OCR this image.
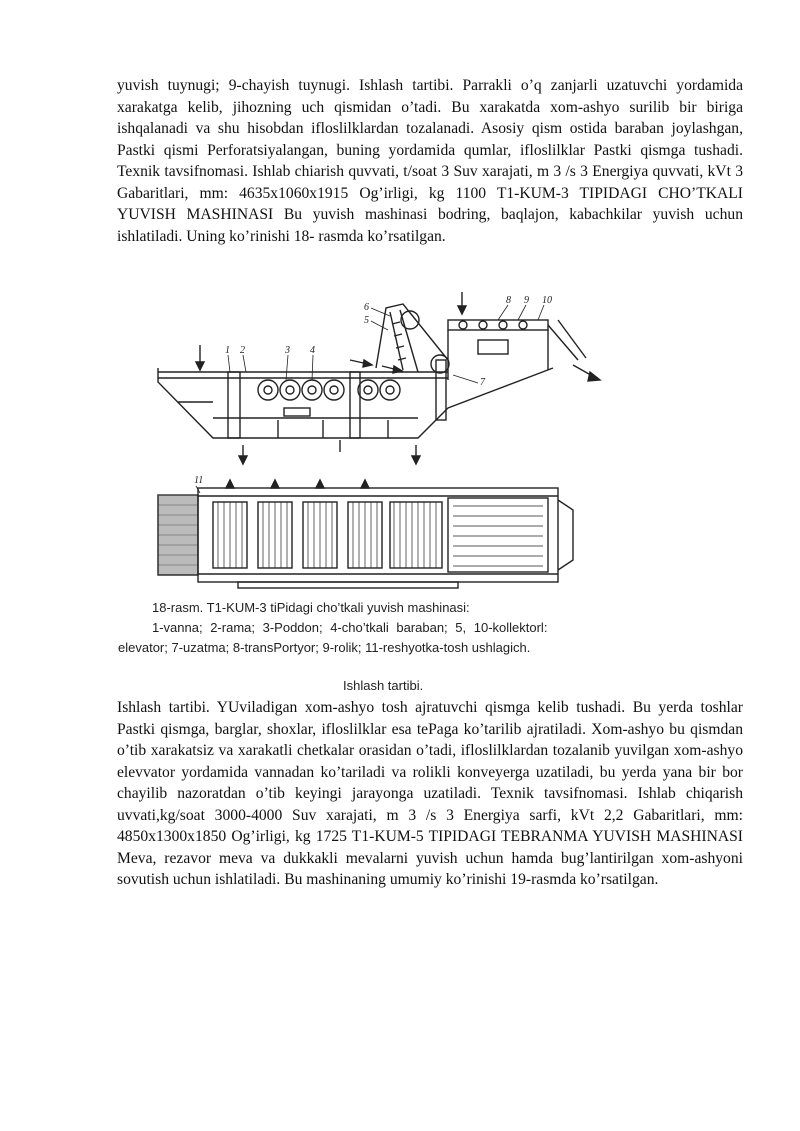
yuvish tuynugi; 9-chayish tuynugi. Ishlash tartibi. Parrakli o’q zanjarli uzatuvchi yordamida xarakatga kelib, jihozning uch qismidan o’tadi. Bu xarakatda xom-ashyo surilib bir biriga ishqalanadi va shu hisobdan ifloslilklardan tozalanadi. Asosiy qism ostida baraban joylashgan, Pastki qismi Perforatsiyalangan, buning yordamida qumlar, ifloslilklar Pastki qismga tushadi. Texnik tavsifnomasi. Ishlab chiarish quvvati, t/soat 3 Suv xarajati, m 3 /s 3 Energiya quvvati, kVt 3 Gabaritlari, mm: 4635x1060x1915 Og’irligi, kg 1100 T1-KUM-3 TIPIDAGI CHO’TKALI YUVISH MASHINASI Bu yuvish mashinasi bodring, baqlajon, kabachkilar yuvish uchun ishlatiladi. Uning ko’rinishi 18- rasmda ko’rsatilgan.

6
5
1 2	3 4
8 9 10
7
11

18-rasm. T1-KUM-3 tiPidagi cho’tkali yuvish mashinasi:

1-vanna; 2-rama; 3-Poddon; 4-cho’tkali baraban; 5, 10-kollektorl:

elevator; 7-uzatma; 8-transPortyor; 9-rolik; 11-reshyotka-tosh ushlagich.

Ishlash tartibi.

Ishlash tartibi. YUviladigan xom-ashyo tosh ajratuvchi qismga kelib tushadi. Bu yerda toshlar Pastki qismga, barglar, shoxlar, ifloslilklar esa tePaga ko’tarilib ajratiladi. Xom-ashyo bu qismdan o’tib xarakatsiz va xarakatli chetkalar orasidan o’tadi, ifloslilklardan tozalanib yuvilgan xom-ashyo elevvator yordamida vannadan ko’tariladi va rolikli konveyerga uzatiladi, bu yerda yana bir bor chayilib nazoratdan o’tib keyingi jarayonga uzatiladi. Texnik tavsifnomasi. Ishlab chiqarish uvvati,kg/soat 3000-4000 Suv xarajati, m 3 /s 3 Energiya sarfi, kVt 2,2 Gabaritlari, mm: 4850x1300x1850 Og’irligi, kg 1725 T1-KUM-5 TIPIDAGI TEBRANMA YUVISH MASHINASI Meva, rezavor meva va dukkakli mevalarni yuvish uchun hamda bug’lantirilgan xom-ashyoni sovutish uchun ishlatiladi. Bu mashinaning umumiy ko’rinishi 19-rasmda ko’rsatilgan.
